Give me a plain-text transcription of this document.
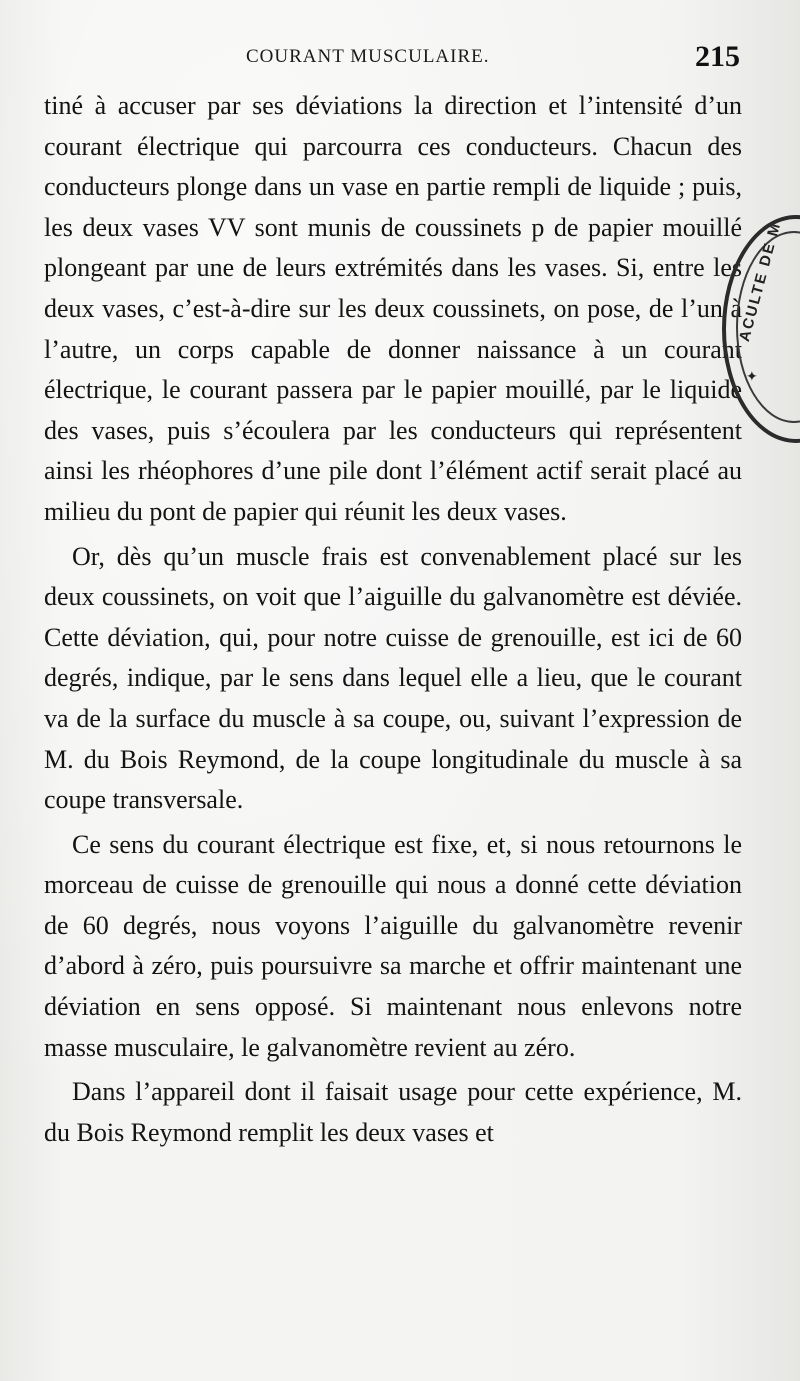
COURANT MUSCULAIRE.	215

tiné à accuser par ses déviations la direction et l’intensité d’un courant électrique qui parcourra ces conducteurs. Chacun des conducteurs plonge dans un vase en partie rempli de liquide ; puis, les deux vases VV sont munis de coussinets p de papier mouillé plongeant par une de leurs extrémités dans les vases. Si, entre les deux vases, c’est-à-dire sur les deux coussinets, on pose, de l’un à l’autre, un corps capable de donner naissance à un courant électrique, le courant passera par le papier mouillé, par le liquide des vases, puis s’écoulera par les conducteurs qui représentent ainsi les rhéophores d’une pile dont l’élément actif serait placé au milieu du pont de papier qui réunit les deux vases.

Or, dès qu’un muscle frais est convenablement placé sur les deux coussinets, on voit que l’aiguille du galvanomètre est déviée. Cette déviation, qui, pour notre cuisse de grenouille, est ici de 60 degrés, indique, par le sens dans lequel elle a lieu, que le courant va de la surface du muscle à sa coupe, ou, suivant l’expression de M. du Bois Reymond, de la coupe longitudinale du muscle à sa coupe transversale.

Ce sens du courant électrique est fixe, et, si nous retournons le morceau de cuisse de grenouille qui nous a donné cette déviation de 60 degrés, nous voyons l’aiguille du galvanomètre revenir d’abord à zéro, puis poursuivre sa marche et offrir maintenant une déviation en sens opposé. Si maintenant nous enlevons notre masse musculaire, le galvanomètre revient au zéro.

Dans l’appareil dont il faisait usage pour cette expérience, M. du Bois Reymond remplit les deux vases et

ACULTE DE M
✦
